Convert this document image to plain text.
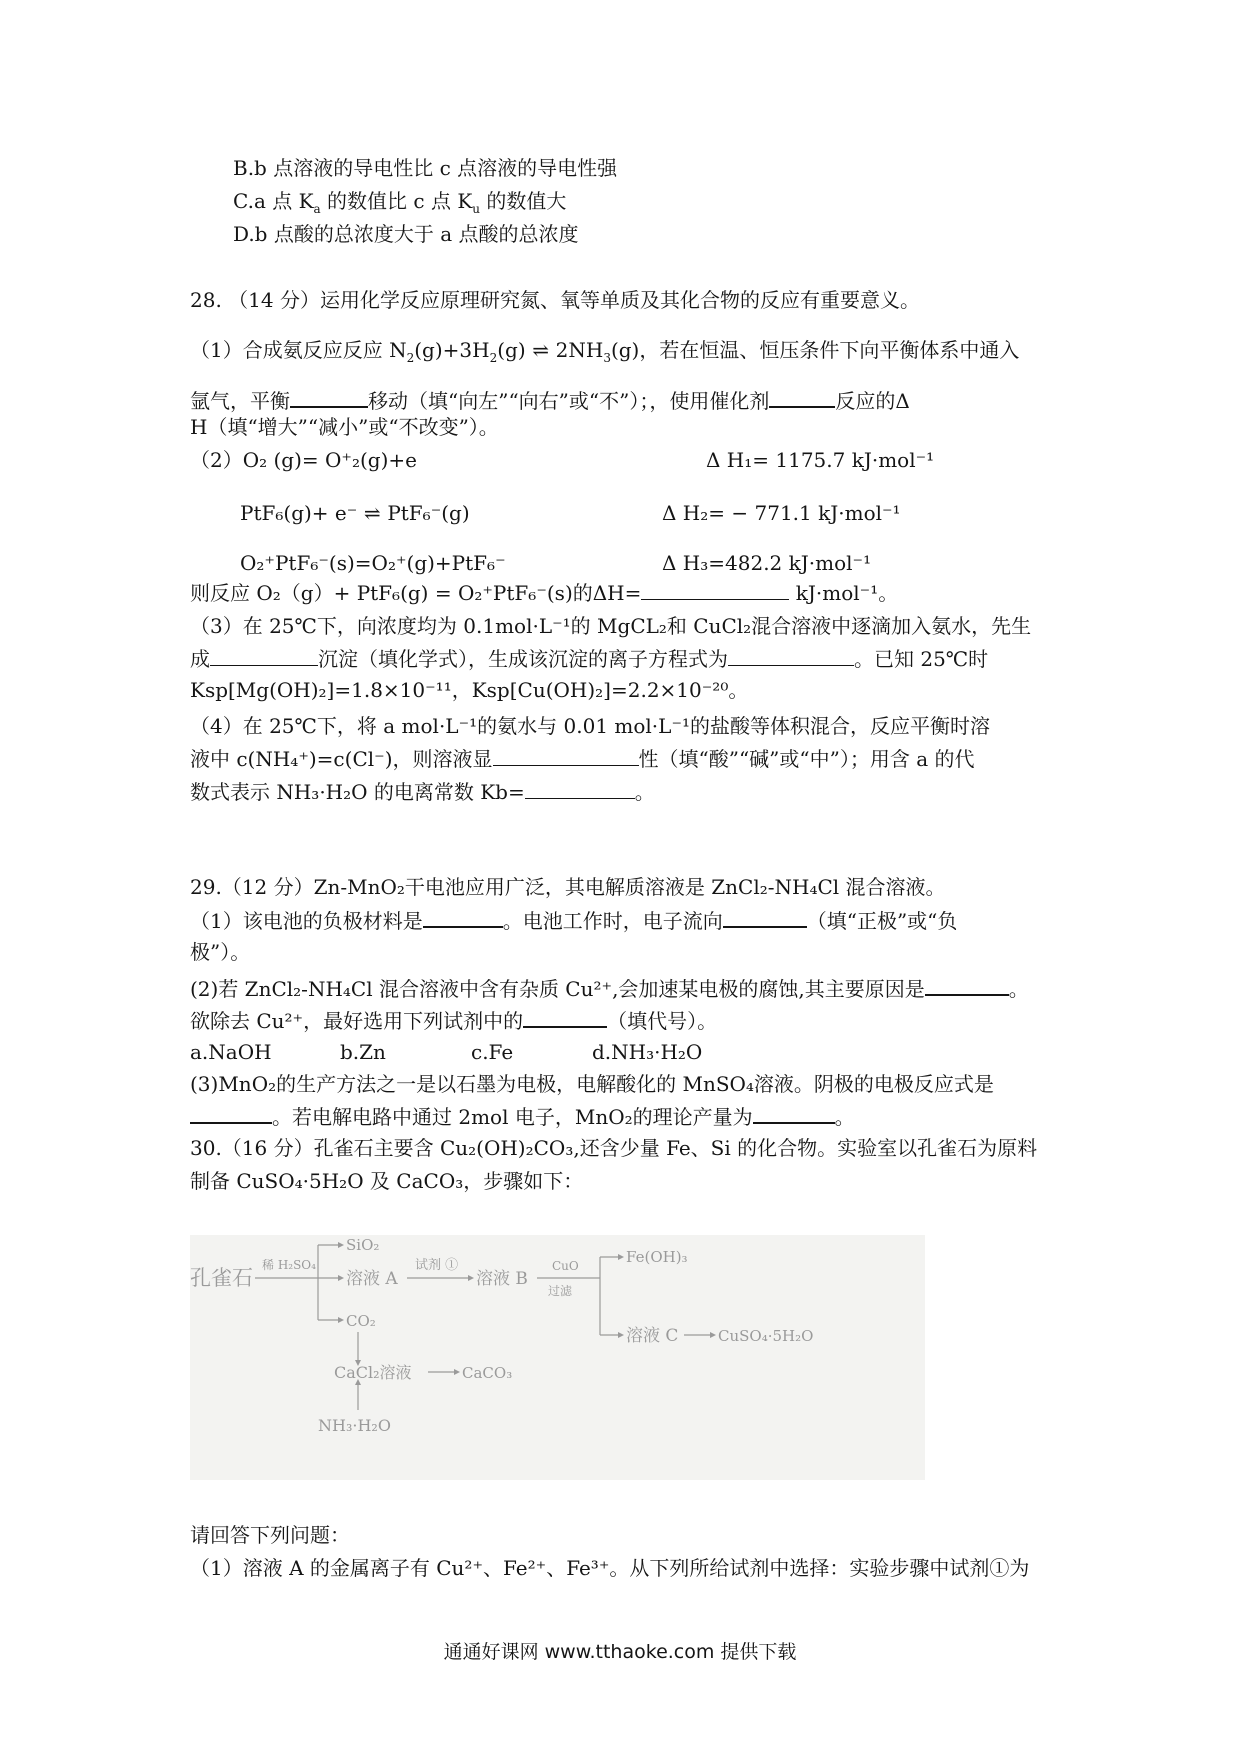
B.b 点溶液的导电性比 c 点溶液的导电性强
C.a 点 $K_a$ 的数值比 c 点 $K_u$ 的数值大
D.b 点酸的总浓度大于 a 点酸的总浓度
28. （14 分）运用化学反应原理研究氮、氧等单质及其化合物的反应有重要意义。
（1）合成氨反应反应 $N_2(g)+3H_2(g)$ ⇌ $2NH_3(g)$，若在恒温、恒压条件下向平衡体系中通入
氩气，平衡	移动（填“向左”“向右”或“不”）；，使用催化剂	反应的Δ
H（填“增大”“减小”或“不改变”）。
（2）O₂ (g)= O⁺₂(g)+e	Δ H₁= 1175.7 kJ·mol⁻¹
PtF₆(g)+ e⁻ ⇌ PtF₆⁻(g)	Δ H₂= − 771.1 kJ·mol⁻¹
O₂⁺PtF₆⁻(s)=O₂⁺(g)+PtF₆⁻	Δ H₃=482.2 kJ·mol⁻¹
则反应 O₂（g）+ PtF₆(g) = O₂⁺PtF₆⁻(s)的ΔH=	kJ·mol⁻¹。
（3）在 25℃下，向浓度均为 0.1mol·L⁻¹的 MgCL₂和 CuCl₂混合溶液中逐滴加入氨水，先生
成	沉淀（填化学式），生成该沉淀的离子方程式为	。已知 25℃时
Ksp[Mg(OH)₂]=1.8×10⁻¹¹，Ksp[Cu(OH)₂]=2.2×10⁻²⁰。
（4）在 25℃下，将 a mol·L⁻¹的氨水与 0.01 mol·L⁻¹的盐酸等体积混合，反应平衡时溶
液中 c(NH₄⁺)=c(Cl⁻)，则溶液显	性（填“酸”“碱”或“中”）；用含 a 的代
数式表示 NH₃·H₂O 的电离常数 Kb=	。
29.（12 分）Zn-MnO₂干电池应用广泛，其电解质溶液是 ZnCl₂-NH₄Cl 混合溶液。
（1）该电池的负极材料是	。电池工作时，电子流向	（填“正极”或“负
极”）。
(2)若 ZnCl₂-NH₄Cl 混合溶液中含有杂质 Cu²⁺,会加速某电极的腐蚀,其主要原因是	。
欲除去 Cu²⁺，最好选用下列试剂中的	（填代号）。
a.NaOH	b.Zn	c.Fe	d.NH₃·H₂O
(3)MnO₂的生产方法之一是以石墨为电极，电解酸化的 MnSO₄溶液。阴极的电极反应式是
。若电解电路中通过 2mol 电子，MnO₂的理论产量为	。
30.（16 分）孔雀石主要含 Cu₂(OH)₂CO₃,还含少量 Fe、Si 的化合物。实验室以孔雀石为原料
制备 CuSO₄·5H₂O 及 CaCO₃，步骤如下：
孔雀石
稀 H₂SO₄
SiO₂
溶液 A
试剂 ①
溶液 B
CuO
过滤
Fe(OH)₃
溶液 C	CuSO₄·5H₂O
CO₂
CaCl₂溶液	CaCO₃
NH₃·H₂O
请回答下列问题：
（1）溶液 A 的金属离子有 Cu²⁺、Fe²⁺、Fe³⁺。从下列所给试剂中选择：实验步骤中试剂①为
通通好课网 www.tthaoke.com 提供下载
